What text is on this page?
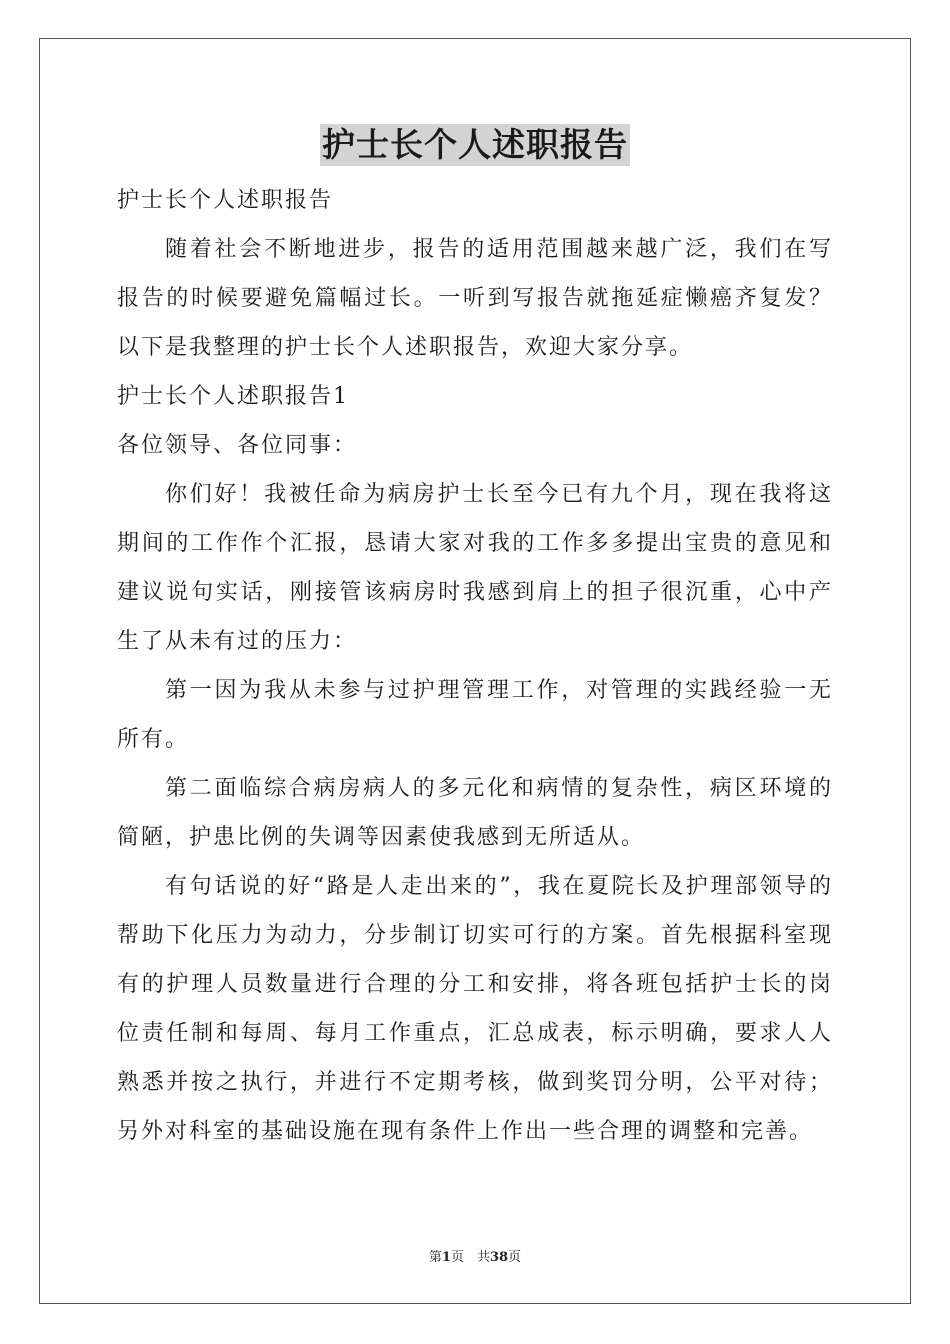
护士长个人述职报告

护士长个人述职报告

随着社会不断地进步，报告的适用范围越来越广泛，我们在写报告的时候要避免篇幅过长。一听到写报告就拖延症懒癌齐复发？以下是我整理的护士长个人述职报告，欢迎大家分享。

护士长个人述职报告1

各位领导、各位同事：

你们好！我被任命为病房护士长至今已有九个月，现在我将这期间的工作作个汇报，恳请大家对我的工作多多提出宝贵的意见和建议说句实话，刚接管该病房时我感到肩上的担子很沉重，心中产生了从未有过的压力：

第一因为我从未参与过护理管理工作，对管理的实践经验一无所有。

第二面临综合病房病人的多元化和病情的复杂性，病区环境的简陋，护患比例的失调等因素使我感到无所适从。

有句话说的好“路是人走出来的”，我在夏院长及护理部领导的帮助下化压力为动力，分步制订切实可行的方案。首先根据科室现有的护理人员数量进行合理的分工和安排，将各班包括护士长的岗位责任制和每周、每月工作重点，汇总成表，标示明确，要求人人熟悉并按之执行，并进行不定期考核，做到奖罚分明，公平对待；另外对科室的基础设施在现有条件上作出一些合理的调整和完善。

第1页　共38页
